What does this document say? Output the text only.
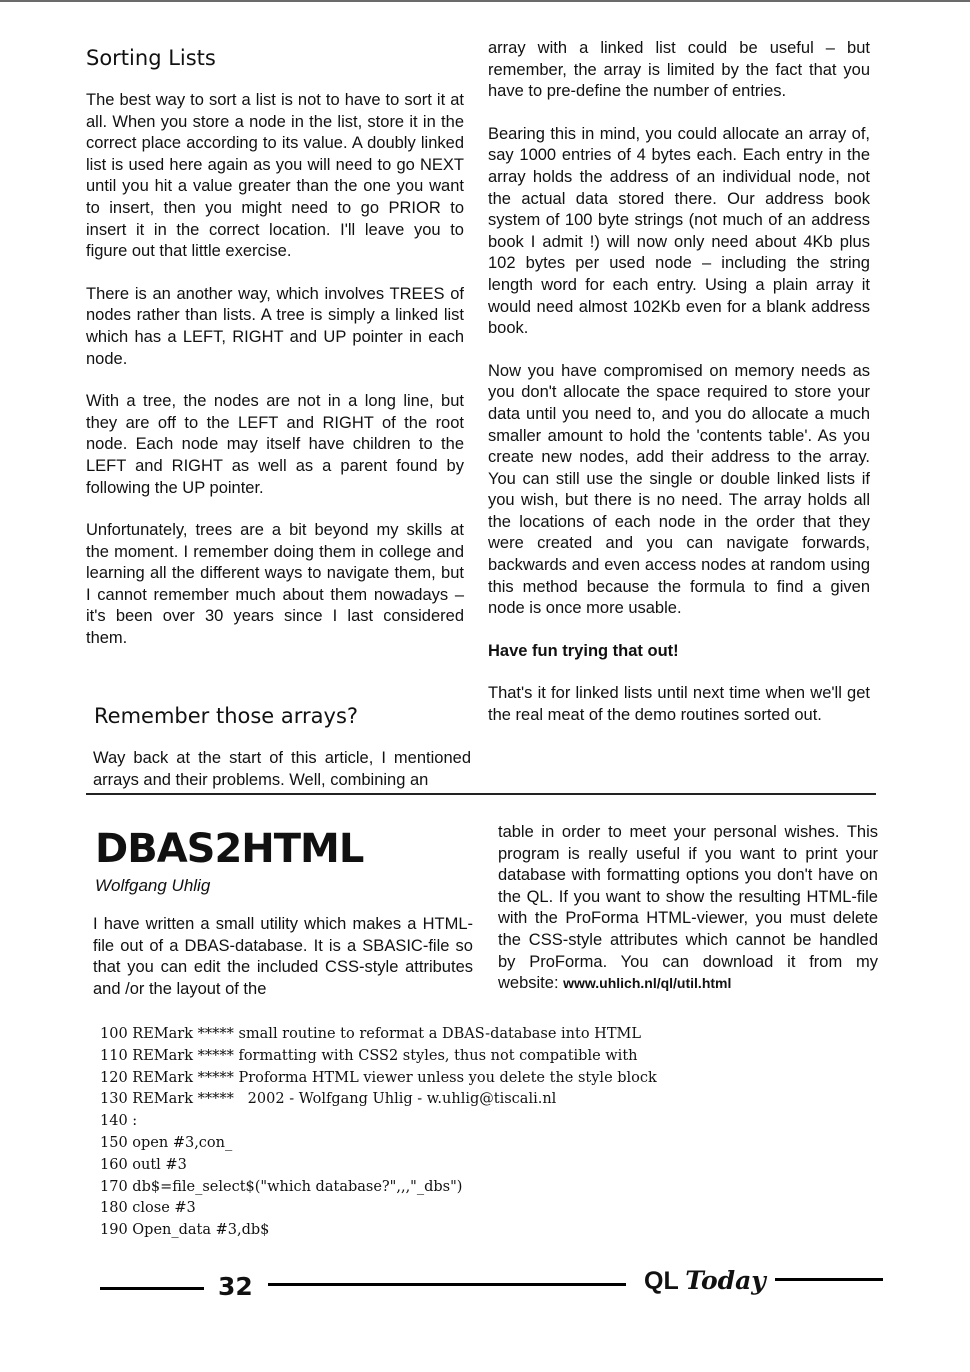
Sorting Lists

The best way to sort a list is not to have to sort it at all. When you store a node in the list, store it in the correct place according to its value. A doubly linked list is used here again as you will need to go NEXT until you hit a value greater than the one you want to insert, then you might need to go PRIOR to insert it in the correct location. I'll leave you to figure out that little exercise.

There is an another way, which involves TREES of nodes rather than lists. A tree is simply a linked list which has a LEFT, RIGHT and UP pointer in each node.

With a tree, the nodes are not in a long line, but they are off to the LEFT and RIGHT of the root node. Each node may itself have children to the LEFT and RIGHT as well as a parent found by following the UP pointer.

Unfortunately, trees are a bit beyond my skills at the moment. I remember doing them in college and learning all the different ways to navigate them, but I cannot remember much about them nowadays – it's been over 30 years since I last considered them.

Remember those arrays?

Way back at the start of this article, I mentioned arrays and their problems. Well, combining an

array with a linked list could be useful – but remember, the array is limited by the fact that you have to pre-define the number of entries.

Bearing this in mind, you could allocate an array of, say 1000 entries of 4 bytes each. Each entry in the array holds the address of an individual node, not the actual data stored there. Our address book system of 100 byte strings (not much of an address book I admit !) will now only need about 4Kb plus 102 bytes per used node – including the string length word for each entry. Using a plain array it would need almost 102Kb even for a blank address book.

Now you have compromised on memory needs as you don't allocate the space required to store your data until you need to, and you do allocate a much smaller amount to hold the 'contents table'. As you create new nodes, add their address to the array. You can still use the single or double linked lists if you wish, but there is no need. The array holds all the locations of each node in the order that they were created and you can navigate forwards, backwards and even access nodes at random using this method because the formula to find a given node is once more usable.

Have fun trying that out!

That's it for linked lists until next time when we'll get the real meat of the demo routines sorted out.

DBAS2HTML
Wolfgang Uhlig

I have written a small utility which makes a HTML-file out of a DBAS-database. It is a SBASIC-file so that you can edit the included CSS-style attributes and /or the layout of the

table in order to meet your personal wishes. This program is really useful if you want to print your database with formatting options you don't have on the QL. If you want to show the resulting HTML-file with the ProForma HTML-viewer, you must delete the CSS-style attributes which cannot be handled by ProForma. You can download it from my website: www.uhlich.nl/ql/util.html

100 REMark ***** small routine to reformat a DBAS-database into HTML
110 REMark ***** formatting with CSS2 styles, thus not compatible with
120 REMark ***** Proforma HTML viewer unless you delete the style block
130 REMark *****   2002 - Wolfgang Uhlig - w.uhlig@tiscali.nl
140 :
150 open #3,con_
160 outl #3
170 db$=file_select$("which database?",,,"_dbs")
180 close #3
190 Open_data #3,db$
32	QL Today
